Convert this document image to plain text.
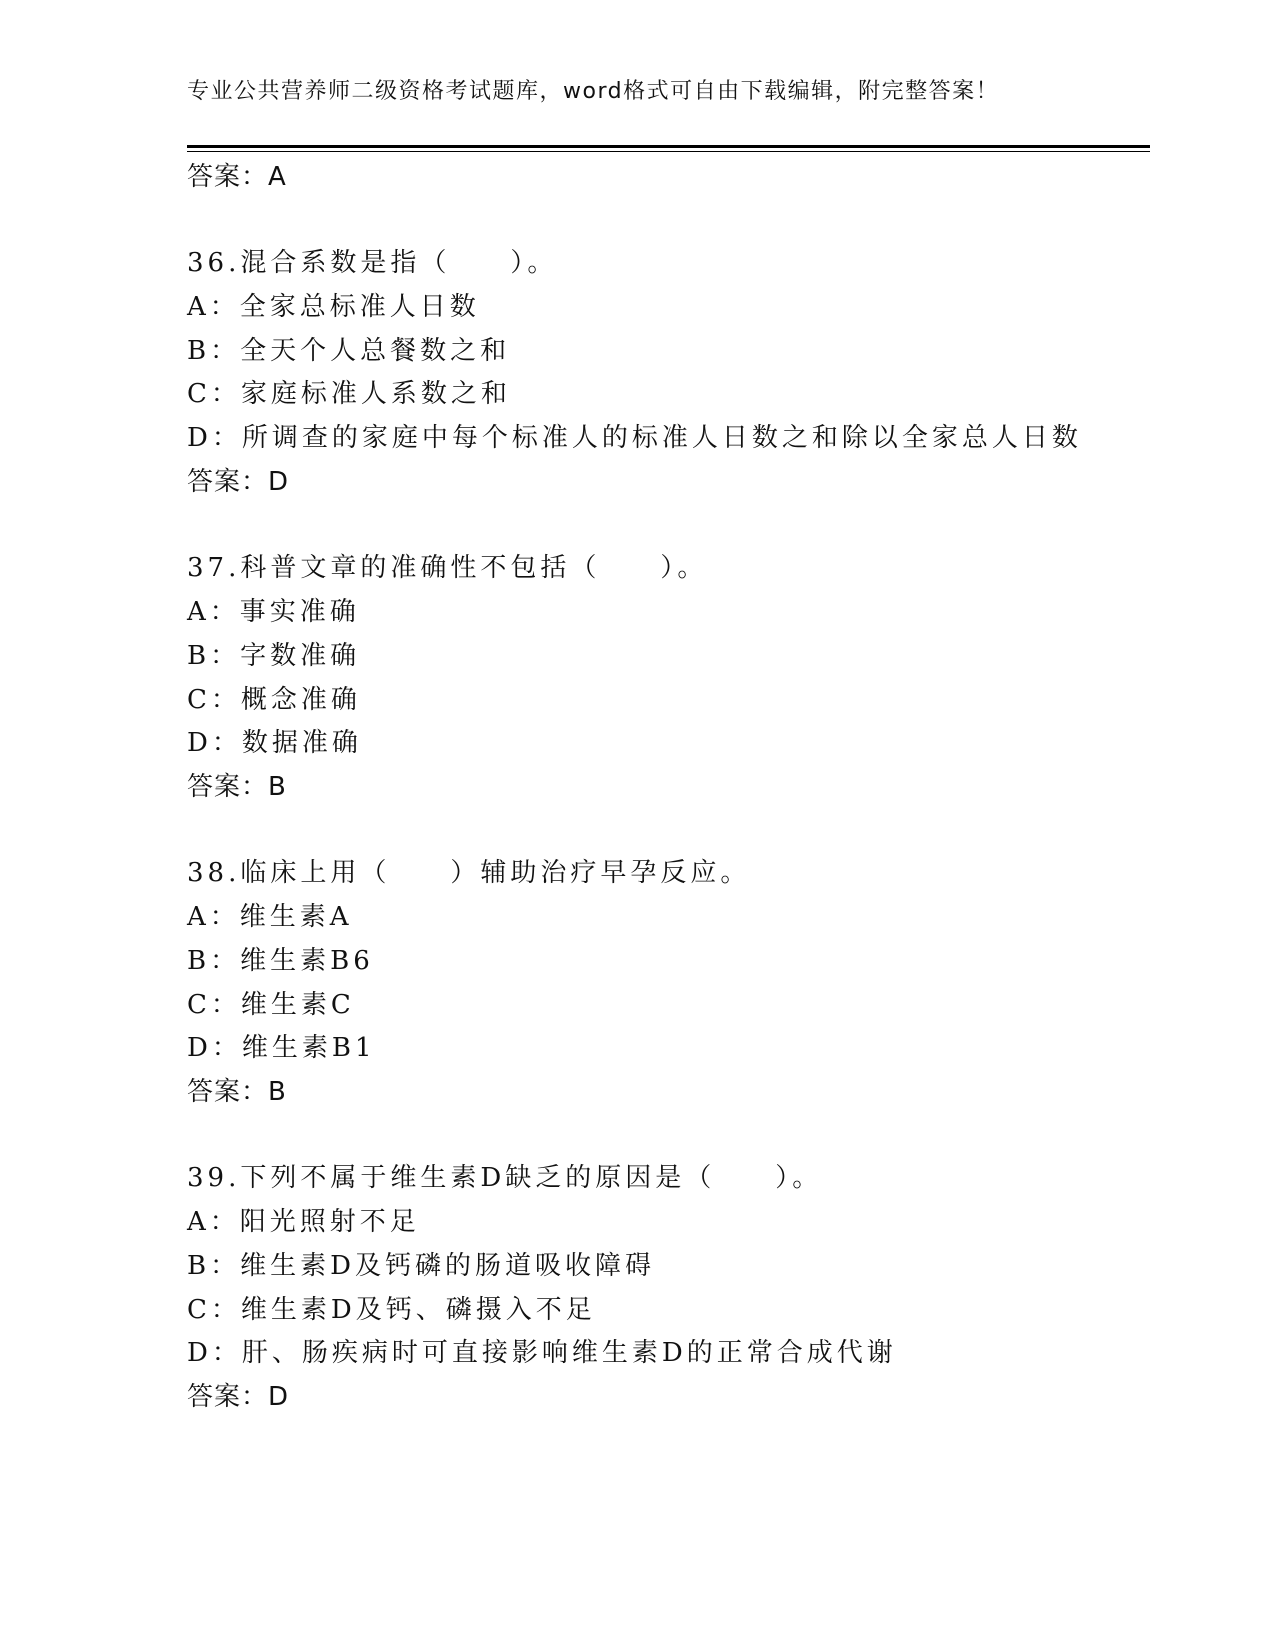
专业公共营养师二级资格考试题库，word格式可自由下载编辑，附完整答案！
答案：A
36.混合系数是指（　　）。
A：全家总标准人日数
B：全天个人总餐数之和
C：家庭标准人系数之和
D：所调查的家庭中每个标准人的标准人日数之和除以全家总人日数
答案：D
37.科普文章的准确性不包括（　　）。
A：事实准确
B：字数准确
C：概念准确
D：数据准确
答案：B
38.临床上用（　　）辅助治疗早孕反应。
A：维生素A
B：维生素B6
C：维生素C
D：维生素B1
答案：B
39.下列不属于维生素D缺乏的原因是（　　）。
A：阳光照射不足
B：维生素D及钙磷的肠道吸收障碍
C：维生素D及钙、磷摄入不足
D：肝、肠疾病时可直接影响维生素D的正常合成代谢
答案：D
